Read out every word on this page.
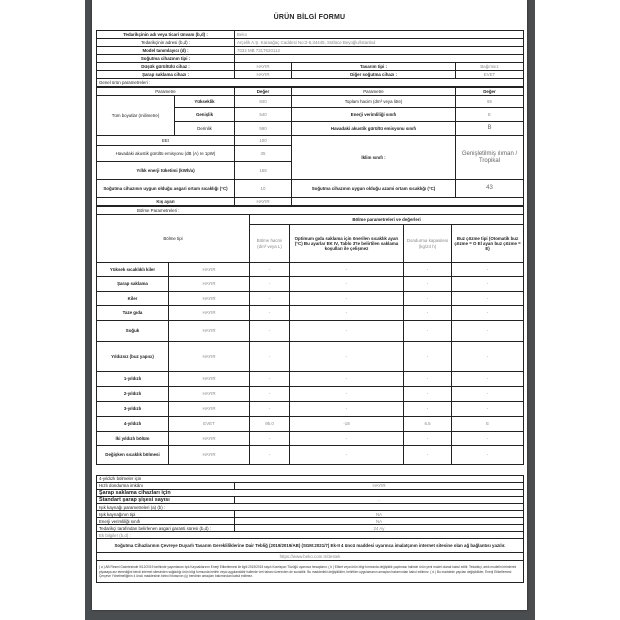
ÜRÜN BİLGİ FORMU
Tedarikçinin adı veya ticari ünvanı (b,d) :	Beko		
Tedarikçinin adresi (b,d) :	Arçelik A.Ş. Karaağaç Caddesi No:2-6,34445, Sütlüce Beyoğlu/İstanbul		
Model tanımlayıcı (d) :	7032 MB 7317620112		
Soğutma cihazının tipi :			
Düşük gürültülü cihaz :	HAYIR	Tasarım tipi :	Bağımsız
Şarap saklama cihazı :	HAYIR	Diğer soğutma cihazı :	EVET
Genel ürün parametreleri :			
Parametre		Değer	Parametre	Değer
Tüm boyutlar (milimetre)	Yükseklik	840	Toplam hacim (dm³ veya litre)	95
	Genişlik	540	Enerji verimliliği sınıfı	E
	Derinlik	590	Havadaki akustik gürültü emisyonu sınıfı	B
EEI		100	İklim sınıfı :	Genişletilmiş ılıman / Tropikal
Havadaki akustik gürültü emisyonu (dB (A) re 1pW)		35		
Yıllık enerji tüketimi (kWh/a)		168		
Soğutma cihazının uygun olduğu asgari ortam sıcaklığı (°C)		10	Soğutma cihazının uygun olduğu azami ortam sıcaklığı (°C)	43
Kış ayarı		HAYIR		
Bölme Parametreleri :					
Bölme tipi		Bölme parametreleri ve değerleri			
		Bölme hacmi (dm³ veya L)	Optimum gıda saklama için önerilen sıcaklık ayarı (°C) Bu ayarlar EK IV, Tablo 3'te belirtilen saklama koşulları ile çelişmez	Dondurma kapasitesi (kg/24 h)	Buz çözme tipi (Otomatik buz çözme = O El ayarı buz çözme = E)
Yüksek sıcaklıklı kiler	HAYIR	-	-	-	-
Şarap saklama	HAYIR	-	-	-	-
Kiler	HAYIR	-	-	-	-
Taze gıda	HAYIR	-	-	-	-
Soğuk	HAYIR	-	-	-	-
Yıldızsız (buz yapıcı)	HAYIR	-	-	-	-
1-yıldızlı	HAYIR	-	-	-	-
2-yıldızlı	HAYIR	-	-	-	-
3-yıldızlı	HAYIR	-	-	-	-
4-yıldızlı	EVET	95.0	-18	6.5	E
İki yıldızlı bölüm	HAYIR	-	-	-	-
Değişken sıcaklık bölmesi	HAYIR	-	-	-	-
4-yıldızlı bölmeler için	
Hızlı dondurma imkânı	HAYIR
Şarap saklama cihazları için	
Standart şarap şişesi sayısı	-
Işık kaynağı parametreleri (a) (b) :	
Işık kaynağının tipi	NA
Enerji verimliliği sınıfı	NA
Tedarikçi tarafından belirlenen asgari garanti süresi (b,d) :	24 Ay
Ek bilgiler (b,d) :	
Soğutma Cihazlarının Çevreye Duyarlı Tasarım Gerekliliklerine Dair Tebliğ (2019/2019/AB) (SGM:2021/7) Ek-II 4 üncü maddesi uyarınca imalatçının internet sitesine olan ağ bağlantısı yazılır.	
https://www.beko.com.tr/destek	
( a ) AB Resmi Gazetesinde 5/12/2019 tarihinde yayımlanan Işık Kaynaklarının Enerji Etiketlemesi ile ilgili 2019/2015 sayılı Komisyon Tüzüğü uyarınca hesaplanır. ( b ) Etiket veya ürün bilgi formunda değişiklik yapılması halinde ürün yeni model olarak kabul edilir. Tedarikçi, artık modelin birimlerini piyasaya arz etmediğini kendi internet sitesinden sağladığı ürün bilgi formunda belirtir veya uygulanabilir hallerde veri tabanı üzerinden de sunabilir. Bu maddedeki değişiklikler, belirtilen uygulamanın amaçları bakımından kabul edilmez. ( d ) Bu maddede yapılan değişiklikler, Enerji Etiketlemesi Çerçeve Yönetmeliğinin 4 üncü maddesinin birinci fıkrasının (ç) bendinin amaçları bakımından kabul edilmez.	
